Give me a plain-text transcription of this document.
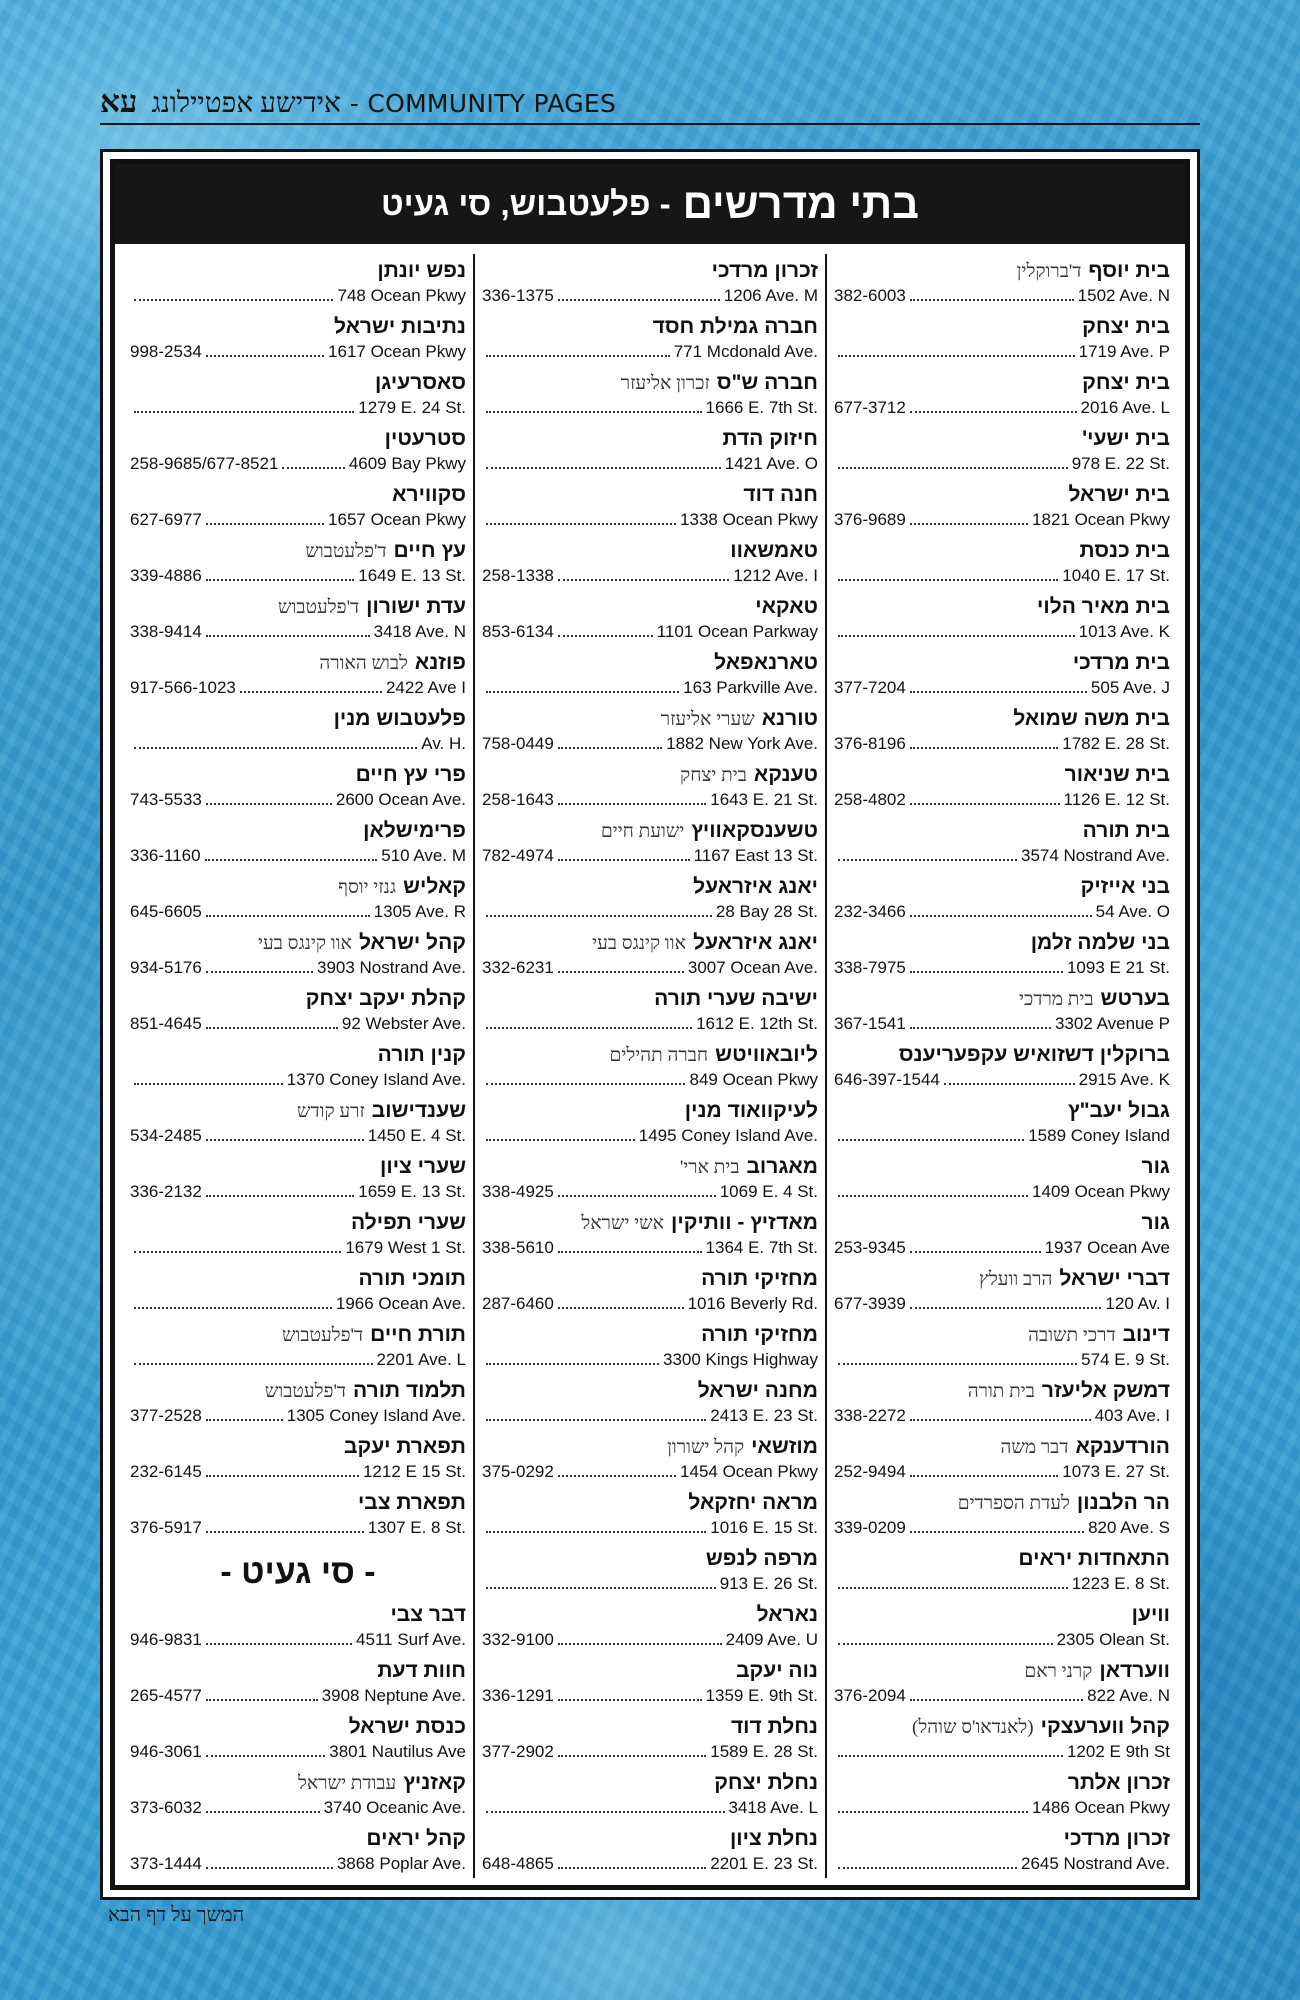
עא אידישע אפטיילונג - COMMUNITY PAGES
בתי מדרשים
- פלעטבוש, סי געיט
בית יוסףד'ברוקלין
382-6003	1502 Ave. N
בית יצחק
1719 Ave. P
בית יצחק
677-3712	2016 Ave. L
בית ישעי'
978 E. 22 St.
בית ישראל
376-9689	1821 Ocean Pkwy
בית כנסת
1040 E. 17 St.
בית מאיר הלוי
1013 Ave. K
בית מרדכי
377-7204	505 Ave. J
בית משה שמואל
376-8196	1782 E. 28 St.
בית שניאור
258-4802	1126 E. 12 St.
בית תורה
3574 Nostrand Ave.
בני אייזיק
232-3466	54 Ave. O
בני שלמה זלמן
338-7975	1093 E 21 St.
בערטשבית מרדכי
367-1541	3302 Avenue P
ברוקלין דשזואיש עקפעריענס
646-397-1544	2915 Ave. K
גבול יעב"ץ
1589 Coney Island
גור
1409 Ocean Pkwy
גור
253-9345	1937 Ocean Ave
דברי ישראלהרב וועלץ
677-3939	120 Av. I
דינובדרכי תשובה
574 E. 9 St.
דמשק אליעזרבית תורה
338-2272	403 Ave. I
הורדענקאדבר משה
252-9494	1073 E. 27 St.
הר הלבנוןלעדת הספרדים
339-0209	820 Ave. S
התאחדות יראים
1223 E. 8 St.
וויען
2305 Olean St.
ווערדאןקרני ראם
376-2094	822 Ave. N
קהל ווערעצקי(לאנדאו'ס שוהל)
1202 E 9th St
זכרון אלתר
1486 Ocean Pkwy
זכרון מרדכי
2645 Nostrand Ave.
זכרון מרדכי
336-1375	1206 Ave. M
חברה גמילת חסד
771 Mcdonald Ave.
חברה ש"סזכרון אליעזר
1666 E. 7th St.
חיזוק הדת
1421 Ave. O
חנה דוד
1338 Ocean Pkwy
טאמשאוו
258-1338	1212 Ave. I
טאקאי
853-6134	1101 Ocean Parkway
טארנאפאל
163 Parkville Ave.
טורנאשערי אליעזר
758-0449	1882 New York Ave.
טענקאבית יצחק
258-1643	1643 E. 21 St.
טשענסקאוויץישועת חיים
782-4974	1167 East 13 St.
יאנג איזראעל
28 Bay 28 St.
יאנג איזראעלאוו קינגס בעי
332-6231	3007 Ocean Ave.
ישיבה שערי תורה
1612 E. 12th St.
ליובאוויטשחברה תהילים
849 Ocean Pkwy
לעיקוואוד מנין
1495 Coney Island Ave.
מאגרובבית ארי'
338-4925	1069 E. 4 St.
מאדזיץ - וותיקיןאשי ישראל
338-5610	1364 E. 7th St.
מחזיקי תורה
287-6460	1016 Beverly Rd.
מחזיקי תורה
3300 Kings Highway
מחנה ישראל
2413 E. 23 St.
מוזשאיקהל ישורון
375-0292	1454 Ocean Pkwy
מראה יחזקאל
1016 E. 15 St.
מרפה לנפש
913 E. 26 St.
נאראל
332-9100	2409 Ave. U
נוה יעקב
336-1291	1359 E. 9th St.
נחלת דוד
377-2902	1589 E. 28 St.
נחלת יצחק
3418 Ave. L
נחלת ציון
648-4865	2201 E. 23 St.
נפש יונתן
748 Ocean Pkwy
נתיבות ישראל
998-2534	1617 Ocean Pkwy
סאסרעיגן
1279 E. 24 St.
סטרעטין
258-9685/677-8521	4609 Bay Pkwy
סקווירא
627-6977	1657 Ocean Pkwy
עץ חייםד'פלעטבוש
339-4886	1649 E. 13 St.
עדת ישורוןד'פלעטבוש
338-9414	3418 Ave. N
פוזנאלבוש האורה
917-566-1023	2422 Ave I
פלעטבוש מנין
Av. H.
פרי עץ חיים
743-5533	2600 Ocean Ave.
פרימישלאן
336-1160	510 Ave. M
קאלישגנזי יוסף
645-6605	1305 Ave. R
קהל ישראלאוו קינגס בעי
934-5176	3903 Nostrand Ave.
קהלת יעקב יצחק
851-4645	92 Webster Ave.
קנין תורה
1370 Coney Island Ave.
שענדישובזרע קודש
534-2485	1450 E. 4 St.
שערי ציון
336-2132	1659 E. 13 St.
שערי תפילה
1679 West 1 St.
תומכי תורה
1966 Ocean Ave.
תורת חייםד'פלעטבוש
2201 Ave. L
תלמוד תורהד'פלעטבוש
377-2528	1305 Coney Island Ave.
תפארת יעקב
232-6145	1212 E 15 St.
תפארת צבי
376-5917	1307 E. 8 St.
- סי געיט -
דבר צבי
946-9831	4511 Surf Ave.
חוות דעת
265-4577	3908 Neptune Ave.
כנסת ישראל
946-3061	3801 Nautilus Ave
קאזניץעבודת ישראל
373-6032	3740 Oceanic Ave.
קהל יראים
373-1444	3868 Poplar Ave.
המשך על דף הבא
